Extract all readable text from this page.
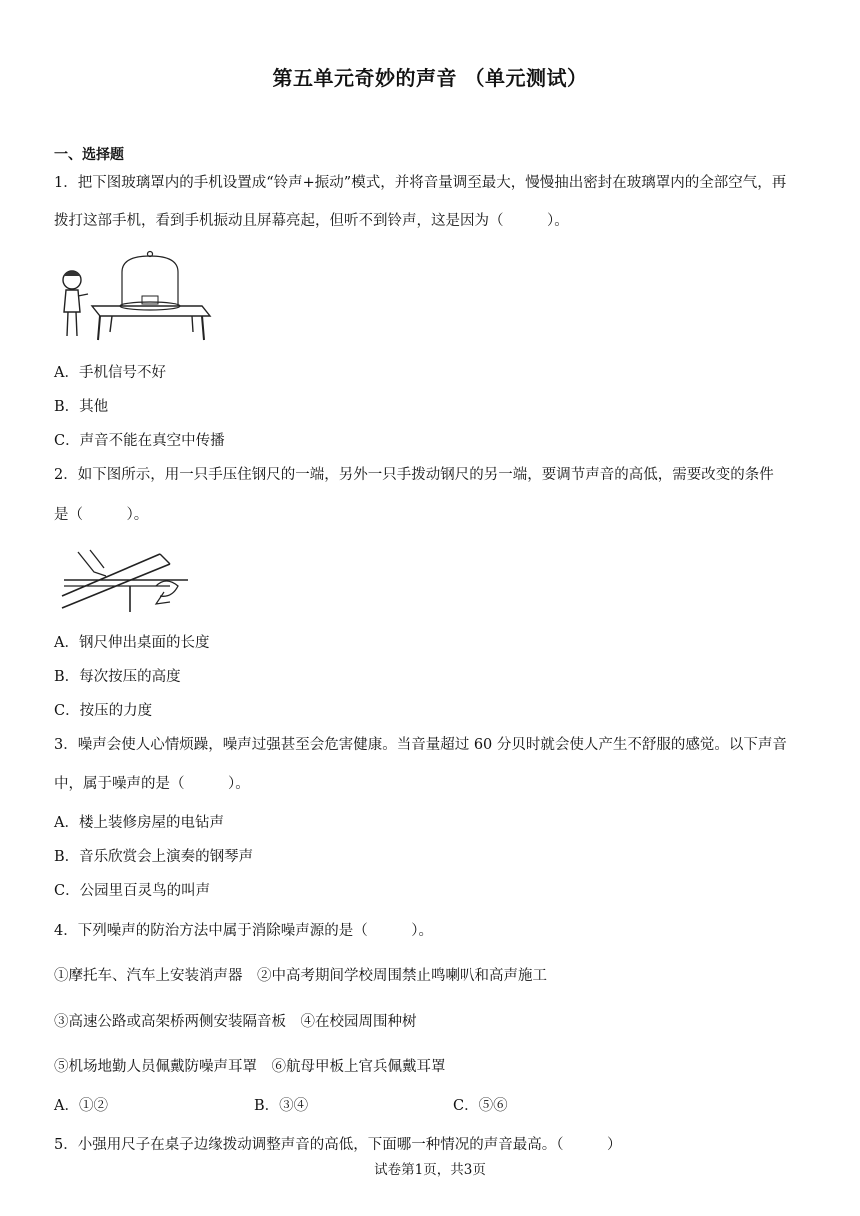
第五单元奇妙的声音 （单元测试）
一、选择题
1．把下图玻璃罩内的手机设置成“铃声+振动”模式，并将音量调至最大，慢慢抽出密封在玻璃罩内的全部空气，再
拨打这部手机，看到手机振动且屏幕亮起，但听不到铃声，这是因为（　　　）。
A．手机信号不好
B．其他
C．声音不能在真空中传播
2．如下图所示，用一只手压住钢尺的一端，另外一只手拨动钢尺的另一端，要调节声音的高低，需要改变的条件
是（　　　）。
A．钢尺伸出桌面的长度
B．每次按压的高度
C．按压的力度
3．噪声会使人心情烦躁，噪声过强甚至会危害健康。当音量超过 60 分贝时就会使人产生不舒服的感觉。以下声音
中，属于噪声的是（　　　）。
A．楼上装修房屋的电钻声
B．音乐欣赏会上演奏的钢琴声
C．公园里百灵鸟的叫声
4．下列噪声的防治方法中属于消除噪声源的是（　　　）。
①摩托车、汽车上安装消声器　②中高考期间学校周围禁止鸣喇叭和高声施工
③高速公路或高架桥两侧安装隔音板　④在校园周围种树
⑤机场地勤人员佩戴防噪声耳罩　⑥航母甲板上官兵佩戴耳罩
A．①②	B．③④	C．⑤⑥
5．小强用尺子在桌子边缘拨动调整声音的高低，下面哪一种情况的声音最高。（　　　）
试卷第1页，共3页
